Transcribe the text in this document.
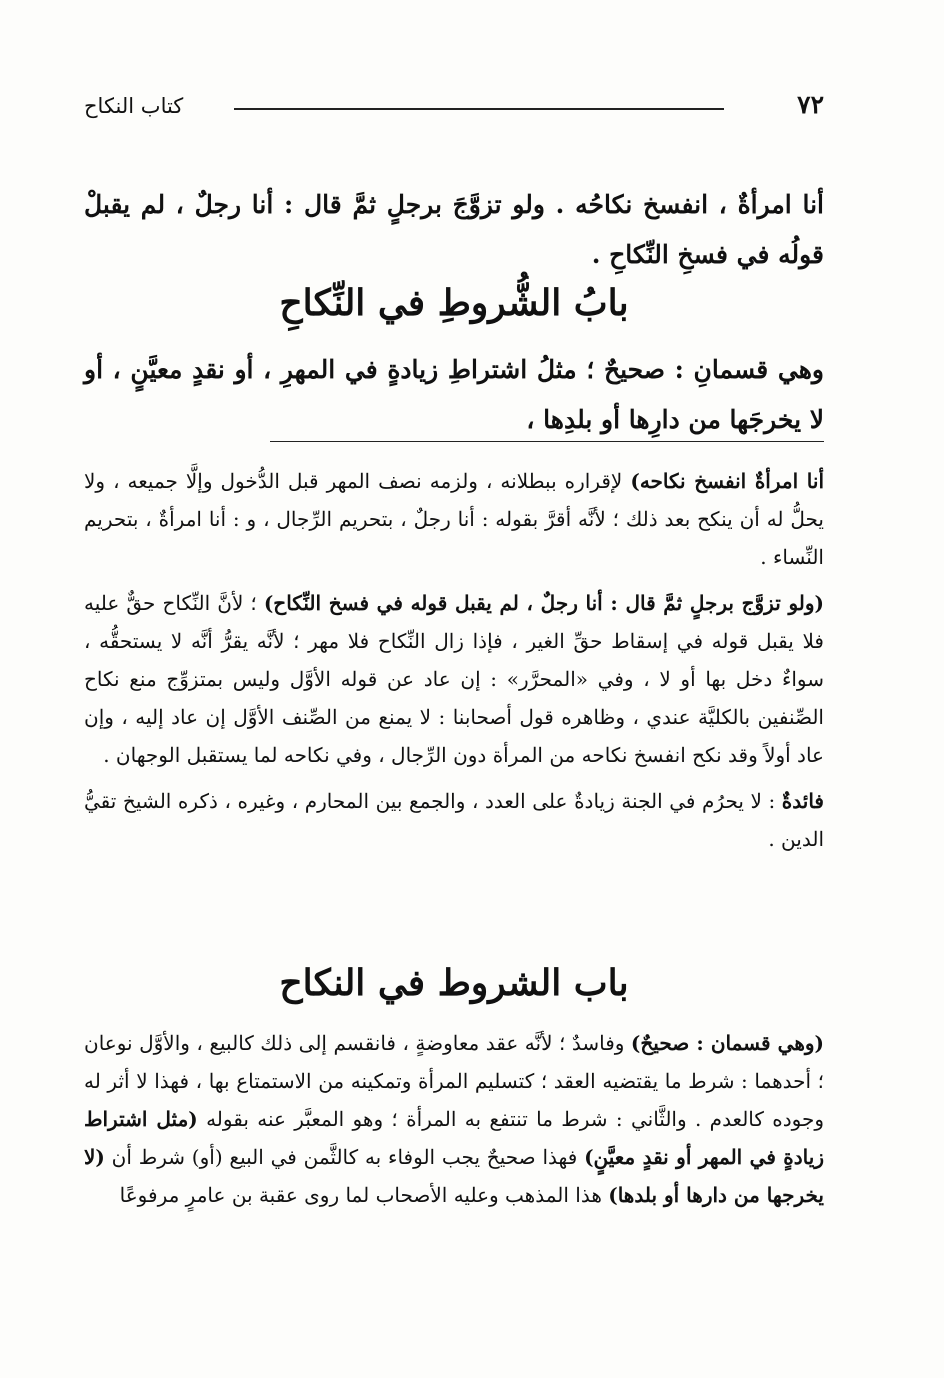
٧٢
كتاب النكاح

أنا امرأةٌ ، انفسخ نكاحُه . ولو تزوَّجَ برجلٍ ثمَّ قال : أنا رجلٌ ، لم يقبلْ قولُه في فسخِ النِّكاحِ .

بابُ الشُّروطِ في النِّكاحِ

وهي قسمانِ : صحيحٌ ؛ مثلُ اشتراطِ زيادةٍ في المهرِ ، أو نقدٍ معيَّنٍ ، أو لا يخرجَها من دارِها أو بلدِها ،

أنا امرأةٌ انفسخ نكاحه) لإقراره ببطلانه ، ولزمه نصف المهر قبل الدُّخول وإلَّا جميعه ، ولا يحلُّ له أن ينكح بعد ذلك ؛ لأنَّه أقرَّ بقوله : أنا رجلٌ ، بتحريم الرِّجال ، و : أنا امرأةٌ ، بتحريم النِّساء .

(ولو تزوَّج برجلٍ ثمَّ قال : أنا رجلٌ ، لم يقبل قوله في فسخ النِّكاح) ؛ لأنَّ النِّكاح حقٌّ عليه فلا يقبل قوله في إسقاط حقِّ الغير ، فإذا زال النِّكاح فلا مهر ؛ لأنَّه يقرُّ أنَّه لا يستحقُّه ، سواءٌ دخل بها أو لا ، وفي «المحرَّر» : إن عاد عن قوله الأوَّل وليس بمتزوِّج منع نكاح الصِّنفين بالكليَّة عندي ، وظاهره قول أصحابنا : لا يمنع من الصِّنف الأوَّل إن عاد إليه ، وإن عاد أولاً وقد نكح انفسخ نكاحه من المرأة دون الرِّجال ، وفي نكاحه لما يستقبل الوجهان .

فائدةٌ : لا يحرُم في الجنة زيادةٌ على العدد ، والجمع بين المحارم ، وغيره ، ذكره الشيخ تقيُّ الدين .

باب الشروط في النكاح

(وهي قسمان : صحيحٌ) وفاسدٌ ؛ لأنَّه عقد معاوضةٍ ، فانقسم إلى ذلك كالبيع ، والأوَّل نوعان ؛ أحدهما : شرط ما يقتضيه العقد ؛ كتسليم المرأة وتمكينه من الاستمتاع بها ، فهذا لا أثر له وجوده كالعدم . والثَّاني : شرط ما تنتفع به المرأة ؛ وهو المعبَّر عنه بقوله (مثل اشتراط زيادةٍ في المهر أو نقدٍ معيَّنٍ) فهذا صحيحٌ يجب الوفاء به كالثَّمن في البيع (أو) شرط أن (لا يخرجها من دارها أو بلدها) هذا المذهب وعليه الأصحاب لما روى عقبة بن عامرٍ مرفوعًا
